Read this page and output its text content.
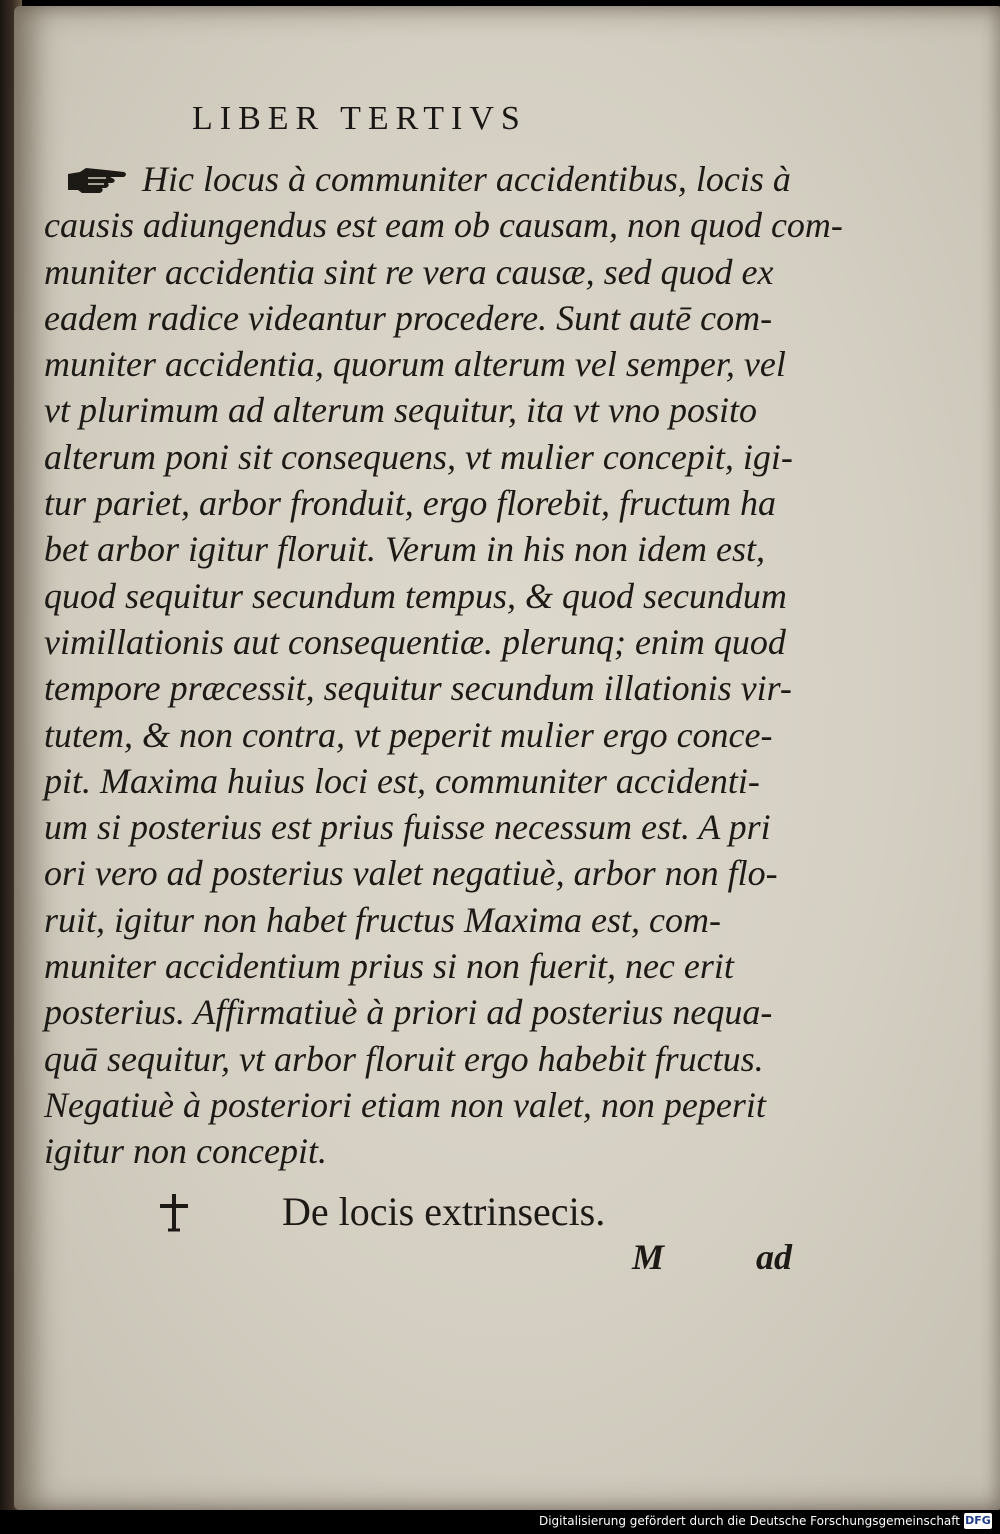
LIBER TERTIVS
Hic locus à communiter accidentibus, locis à
causis adiungendus est eam ob causam, non quod com-
muniter accidentia sint re vera causæ, sed quod ex
eadem radice videantur procedere. Sunt autē com-
muniter accidentia, quorum alterum vel semper, vel
vt plurimum ad alterum sequitur, ita vt vno posito
alterum poni sit consequens, vt mulier concepit, igi-
tur pariet, arbor fronduit, ergo florebit, fructum ha
bet arbor igitur floruit. Verum in his non idem est,
quod sequitur secundum tempus, & quod secundum
vimillationis aut consequentiæ. plerunq; enim quod
tempore præcessit, sequitur secundum illationis vir-
tutem, & non contra, vt peperit mulier ergo conce-
pit. Maxima huius loci est, communiter accidenti-
um si posterius est prius fuisse necessum est. A pri
ori vero ad posterius valet negatiuè, arbor non flo-
ruit, igitur non habet fructus Maxima est, com-
muniter accidentium prius si non fuerit, nec erit
posterius. Affirmatiuè à priori ad posterius nequa-
quā sequitur, vt arbor floruit ergo habebit fructus.
Negatiuè à posteriori etiam non valet, non peperit
igitur non concepit.
De locis extrinsecis.
M	ad
Digitalisierung gefördert durch die Deutsche Forschungsgemeinschaft DFG
